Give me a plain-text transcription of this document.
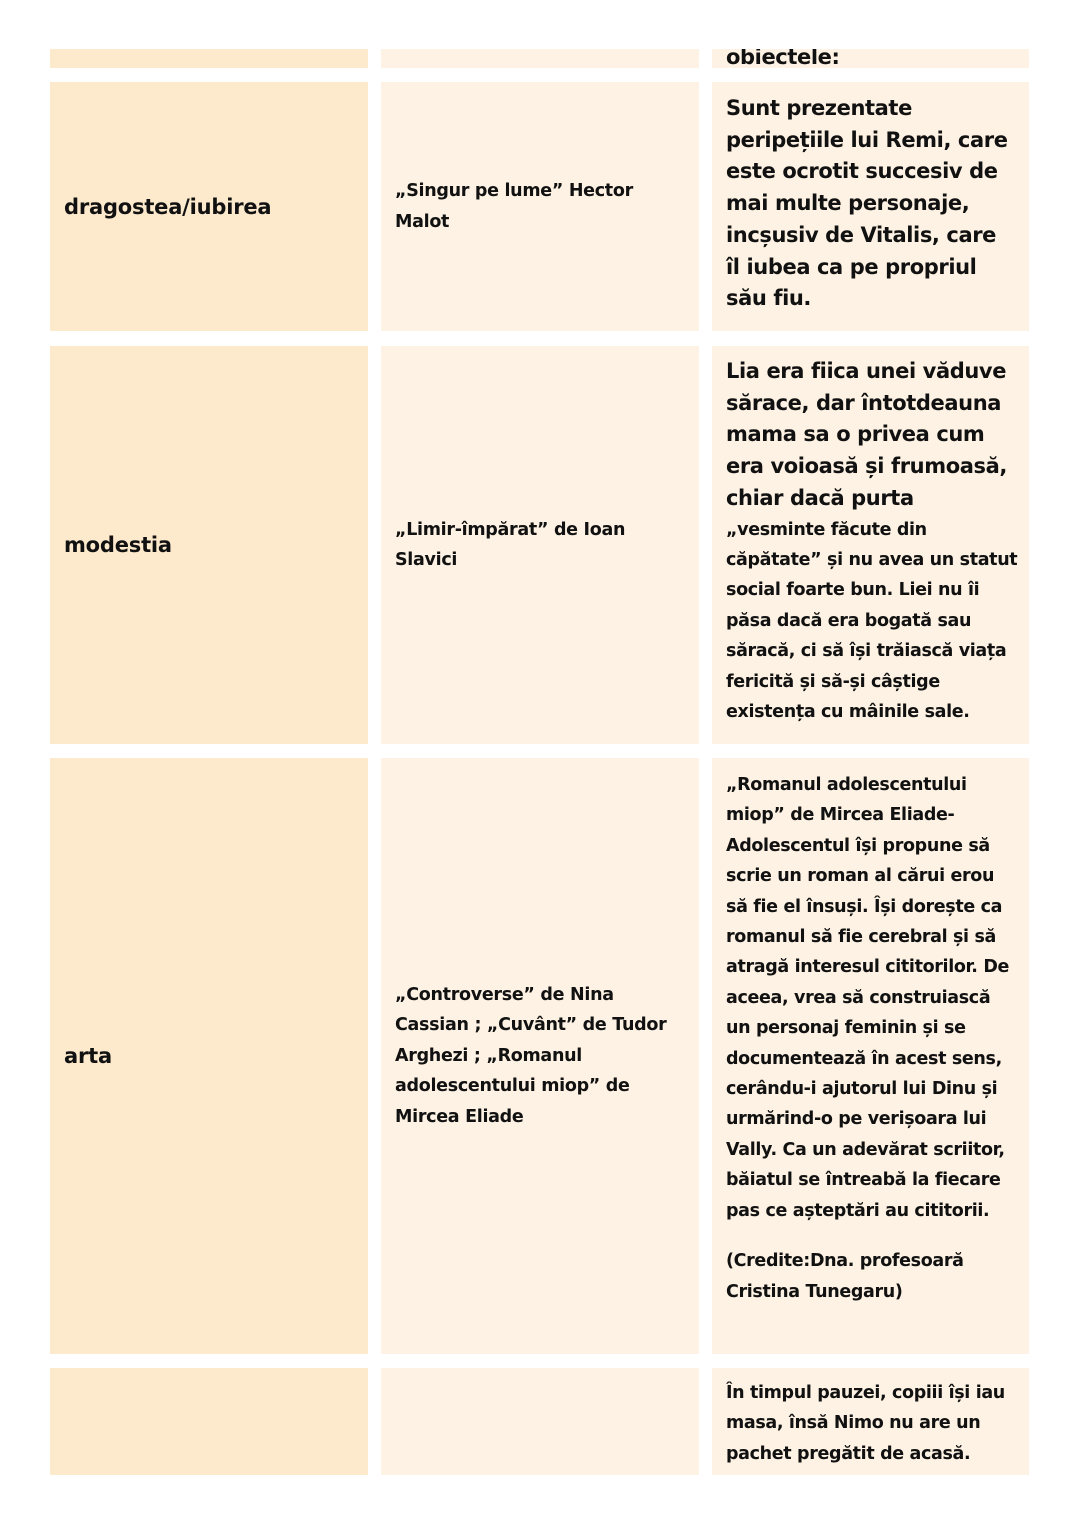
obiectele:
dragostea/iubirea
„Singur pe lume” Hector Malot
Sunt prezentate peripețiile lui Remi, care este ocrotit succesiv de mai multe personaje, incșusiv de Vitalis, care îl iubea ca pe propriul său fiu.
modestia
„Limir-împărat” de Ioan Slavici

Lia era fiica unei văduve sărace, dar întotdeauna mama sa o privea cum era voioasă și frumoasă, chiar dacă purta

„vesminte făcute din căpătate” și nu avea un statut social foarte bun. Liei nu îi păsa dacă era bogată sau săracă, ci să își trăiască viața fericită și să-și câștige existența cu mâinile sale.

arta
„Controverse” de Nina Cassian ; „Cuvânt” de Tudor Arghezi ; „Romanul adolescentului miop” de Mircea Eliade

„Romanul adolescentului miop” de Mircea Eliade-Adolescentul își propune să scrie un roman al cărui erou să fie el însuși. Își dorește ca romanul să fie cerebral și să atragă interesul cititorilor. De aceea, vrea să construiască un personaj feminin și se documentează în acest sens, cerându-i ajutorul lui Dinu și urmărind-o pe verișoara lui Vally. Ca un adevărat scriitor, băiatul se întreabă la fiecare pas ce așteptări au cititorii.

(Credite:Dna. profesoară Cristina Tunegaru)

În timpul pauzei, copiii își iau masa, însă Nimo nu are un pachet pregătit de acasă.
